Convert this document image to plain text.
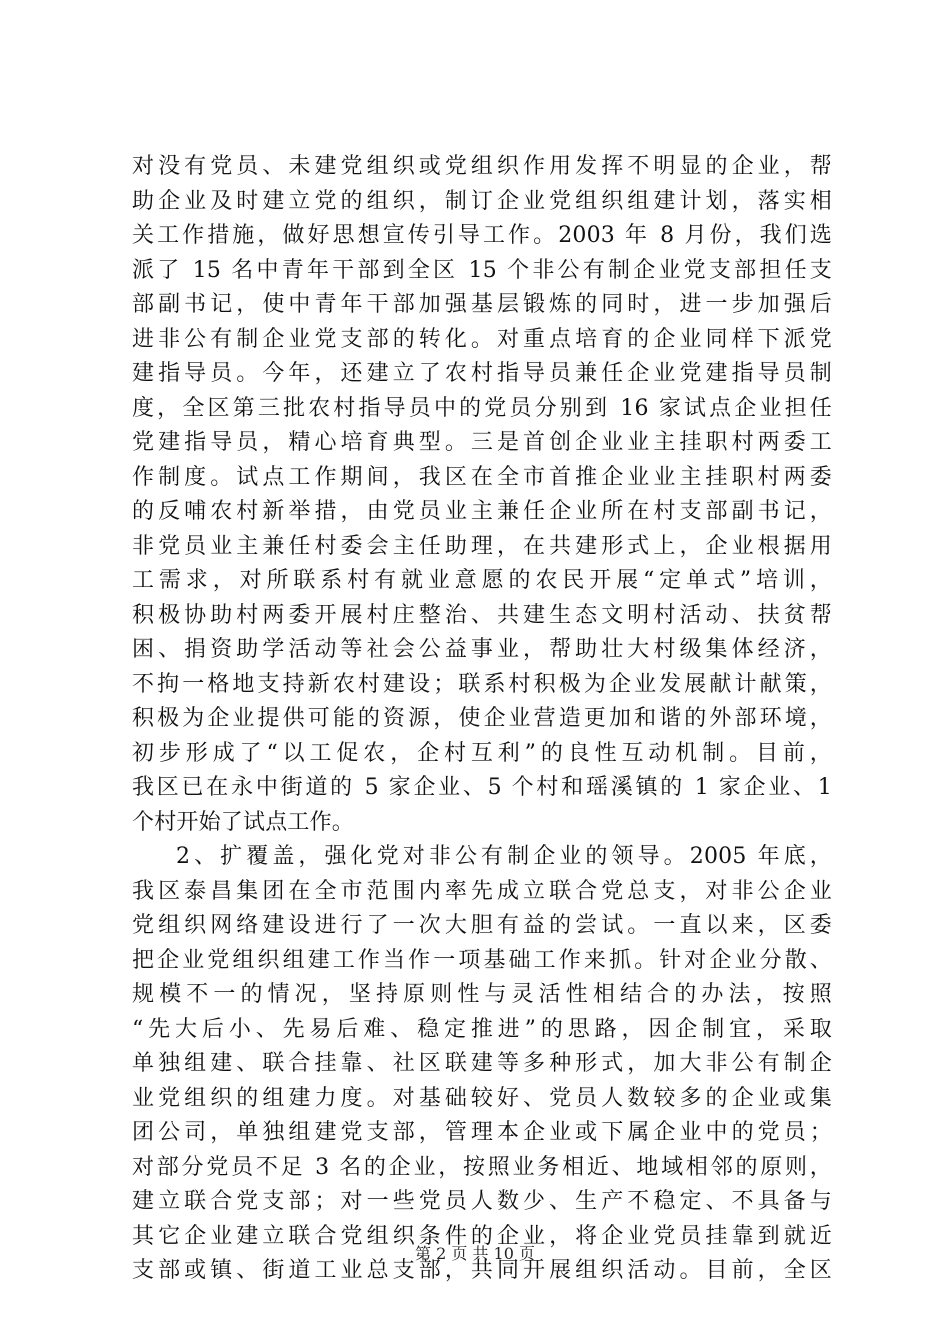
对没有党员、未建党组织或党组织作用发挥不明显的企业，帮
助企业及时建立党的组织，制订企业党组织组建计划，落实相
关工作措施，做好思想宣传引导工作。2003 年 8 月份，我们选
派了 15 名中青年干部到全区 15 个非公有制企业党支部担任支
部副书记，使中青年干部加强基层锻炼的同时，进一步加强后
进非公有制企业党支部的转化。对重点培育的企业同样下派党
建指导员。今年，还建立了农村指导员兼任企业党建指导员制
度，全区第三批农村指导员中的党员分别到 16 家试点企业担任
党建指导员，精心培育典型。三是首创企业业主挂职村两委工
作制度。试点工作期间，我区在全市首推企业业主挂职村两委
的反哺农村新举措，由党员业主兼任企业所在村支部副书记，
非党员业主兼任村委会主任助理，在共建形式上，企业根据用
工需求，对所联系村有就业意愿的农民开展“定单式”培训，
积极协助村两委开展村庄整治、共建生态文明村活动、扶贫帮
困、捐资助学活动等社会公益事业，帮助壮大村级集体经济，
不拘一格地支持新农村建设；联系村积极为企业发展献计献策，
积极为企业提供可能的资源，使企业营造更加和谐的外部环境，
初步形成了“以工促农，企村互利”的良性互动机制。目前，
我区已在永中街道的 5 家企业、5 个村和瑶溪镇的 1 家企业、1
个村开始了试点工作。
2、扩覆盖，强化党对非公有制企业的领导。2005 年底，
我区泰昌集团在全市范围内率先成立联合党总支，对非公企业
党组织网络建设进行了一次大胆有益的尝试。一直以来，区委
把企业党组织组建工作当作一项基础工作来抓。针对企业分散、
规模不一的情况，坚持原则性与灵活性相结合的办法，按照
“先大后小、先易后难、稳定推进”的思路，因企制宜，采取
单独组建、联合挂靠、社区联建等多种形式，加大非公有制企
业党组织的组建力度。对基础较好、党员人数较多的企业或集
团公司，单独组建党支部，管理本企业或下属企业中的党员；
对部分党员不足 3 名的企业，按照业务相近、地域相邻的原则，
建立联合党支部；对一些党员人数少、生产不稳定、不具备与
其它企业建立联合党组织条件的企业，将企业党员挂靠到就近
支部或镇、街道工业总支部，共同开展组织活动。目前，全区
第 2 页 共 10 页
